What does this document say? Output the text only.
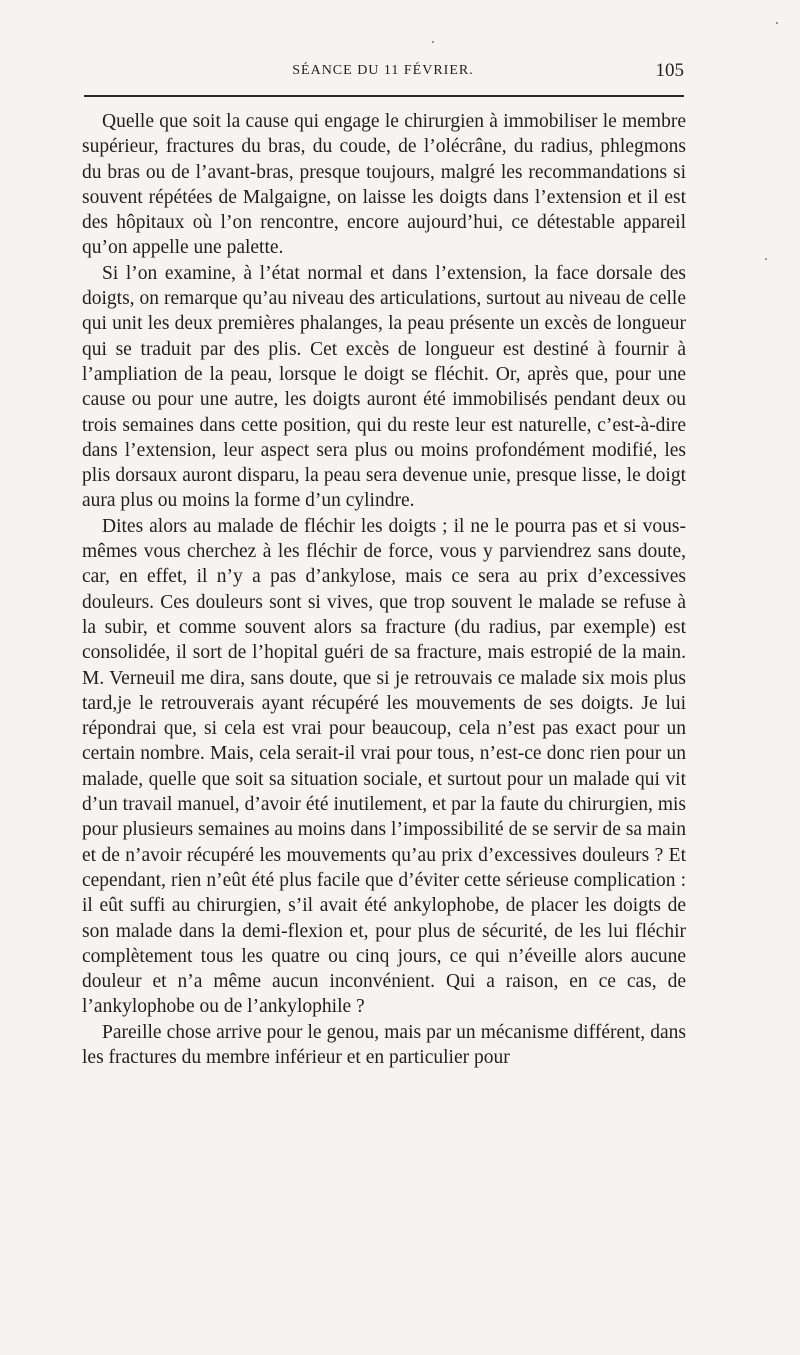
SÉANCE DU 11 FÉVRIER.	105

Quelle que soit la cause qui engage le chirurgien à immobiliser le membre supérieur, fractures du bras, du coude, de l’olécrâne, du radius, phlegmons du bras ou de l’avant-bras, presque toujours, malgré les recommandations si souvent répétées de Malgaigne, on laisse les doigts dans l’extension et il est des hôpitaux où l’on rencontre, encore aujourd’hui, ce détestable appareil qu’on appelle une palette.

Si l’on examine, à l’état normal et dans l’extension, la face dorsale des doigts, on remarque qu’au niveau des articulations, surtout au niveau de celle qui unit les deux premières phalanges, la peau présente un excès de longueur qui se traduit par des plis. Cet excès de longueur est destiné à fournir à l’ampliation de la peau, lorsque le doigt se fléchit. Or, après que, pour une cause ou pour une autre, les doigts auront été immobilisés pendant deux ou trois semaines dans cette position, qui du reste leur est naturelle, c’est-à-dire dans l’extension, leur aspect sera plus ou moins profondément modifié, les plis dorsaux auront disparu, la peau sera devenue unie, presque lisse, le doigt aura plus ou moins la forme d’un cylindre.

Dites alors au malade de fléchir les doigts ; il ne le pourra pas et si vous-mêmes vous cherchez à les fléchir de force, vous y parviendrez sans doute, car, en effet, il n’y a pas d’ankylose, mais ce sera au prix d’excessives douleurs. Ces douleurs sont si vives, que trop souvent le malade se refuse à la subir, et comme souvent alors sa fracture (du radius, par exemple) est consolidée, il sort de l’hopital guéri de sa fracture, mais estropié de la main. M. Verneuil me dira, sans doute, que si je retrouvais ce malade six mois plus tard,je le retrouverais ayant récupéré les mouvements de ses doigts. Je lui répondrai que, si cela est vrai pour beaucoup, cela n’est pas exact pour un certain nombre. Mais, cela serait-il vrai pour tous, n’est-ce donc rien pour un malade, quelle que soit sa situation sociale, et surtout pour un malade qui vit d’un travail manuel, d’avoir été inutilement, et par la faute du chirurgien, mis pour plusieurs semaines au moins dans l’impossibilité de se servir de sa main et de n’avoir récupéré les mouvements qu’au prix d’excessives douleurs ? Et cependant, rien n’eût été plus facile que d’éviter cette sérieuse complication : il eût suffi au chirurgien, s’il avait été ankylophobe, de placer les doigts de son malade dans la demi-flexion et, pour plus de sécurité, de les lui fléchir complètement tous les quatre ou cinq jours, ce qui n’éveille alors aucune douleur et n’a même aucun inconvénient. Qui a raison, en ce cas, de l’ankylophobe ou de l’ankylophile ?

Pareille chose arrive pour le genou, mais par un mécanisme différent, dans les fractures du membre inférieur et en particulier pour
